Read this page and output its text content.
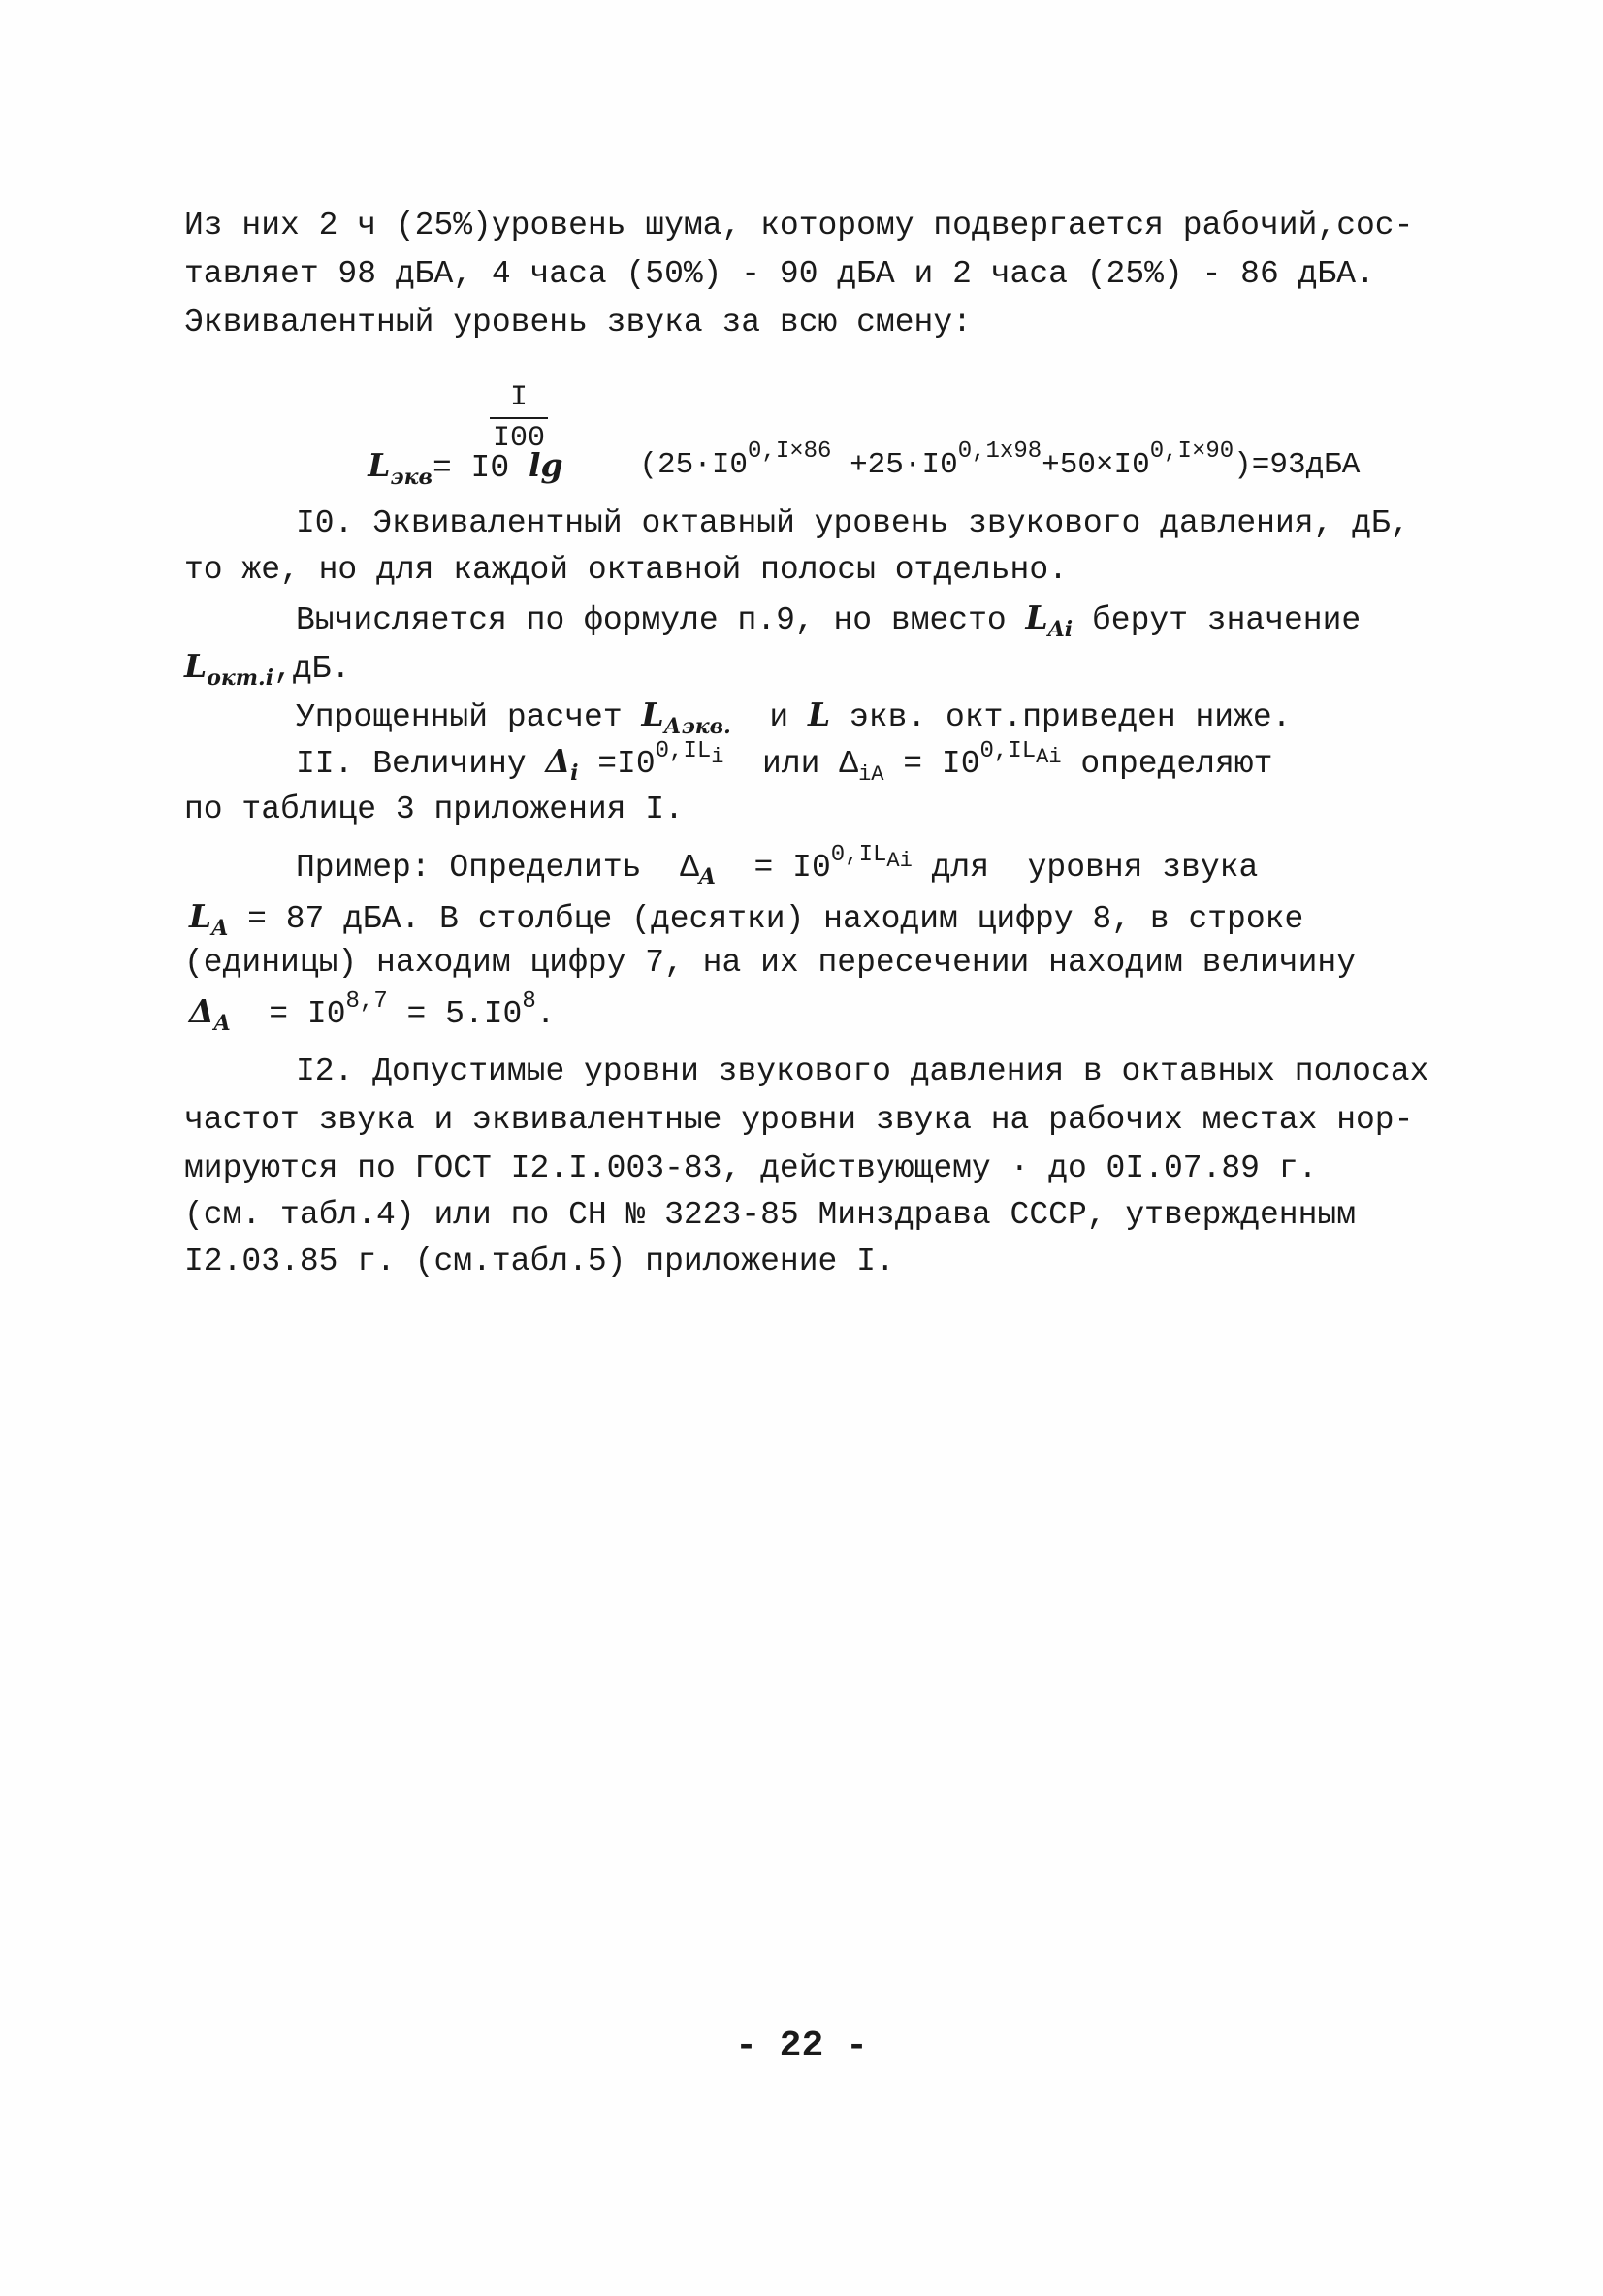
Из них 2 ч (25%)уровень шума, которому подвергается рабочий,сос-
тавляет 98 дБА, 4 часа (50%) - 90 дБА и 2 часа (25%) - 86 дБА.
Эквивалентный уровень звука за всю смену:

$L_{экв}= I0$ lg

$\frac{I}{I00}$

$(25\cdot I0^{0,I\times 86} +25\cdot I0^{0,1x98}+50\times I0^{0,I\times 90})=93дБА$

I0. Эквивалентный октавный уровень звукового давления, дБ,
то же, но для каждой октавной полосы отдельно.
Вычисляется по формуле п.9, но вместо $L_{Ai}$ берут значение
$L_{окт.i},дБ$.
Упрощенный расчет $L_{Аэкв.}$  и L экв. окт.приведен ниже.
II. Величину $\Delta_i =I0^{0,ILi}$  или $\Delta_{iA} = I0^{0,ILAi}$ определяют
по таблице 3 приложения I.
Пример: Определить  $\Delta_A = I0^{0,ILAi}$ для  уровня звука
$L_A = 87$ дБА. В столбце (десятки) находим цифру 8, в строке
(единицы) находим цифру 7, на их пересечении находим величину
$\Delta_A = I0^{8,7} = 5.I0^8$.
I2. Допустимые уровни звукового давления в октавных полосах
частот звука и эквивалентные уровни звука на рабочих местах нор-
мируются по ГОСТ I2.I.003-83, действующему · до 0I.07.89 г.
(см. табл.4) или по СН № 3223-85 Минздрава СССР, утвержденным
I2.03.85 г. (см.табл.5) приложение I.
- 22 -
